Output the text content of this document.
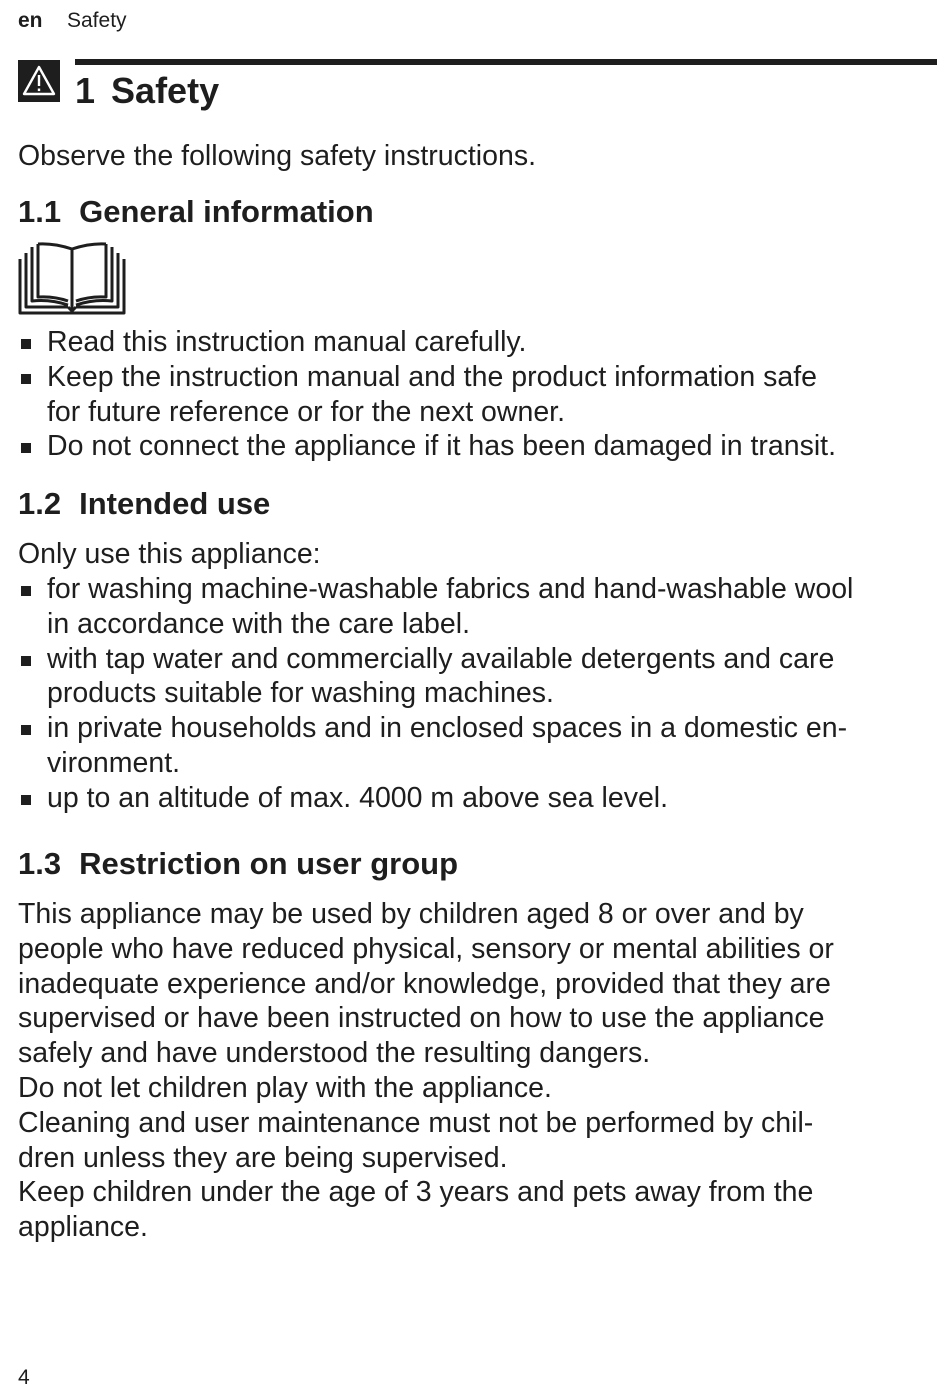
en Safety
1 Safety
Observe the following safety instructions.
1.1 General information
Read this instruction manual carefully.
Keep the instruction manual and the product information safe
for future reference or for the next owner.
Do not connect the appliance if it has been damaged in transit.
1.2 Intended use
Only use this appliance:
for washing machine-washable fabrics and hand-washable wool
in accordance with the care label.
with tap water and commercially available detergents and care
products suitable for washing machines.
in private households and in enclosed spaces in a domestic en-
vironment.
up to an altitude of max. 4000 m above sea level.
1.3 Restriction on user group
This appliance may be used by children aged 8 or over and by
people who have reduced physical, sensory or mental abilities or
inadequate experience and/or knowledge, provided that they are
supervised or have been instructed on how to use the appliance
safely and have understood the resulting dangers.
Do not let children play with the appliance.
Cleaning and user maintenance must not be performed by chil-
dren unless they are being supervised.
Keep children under the age of 3 years and pets away from the
appliance.
4
